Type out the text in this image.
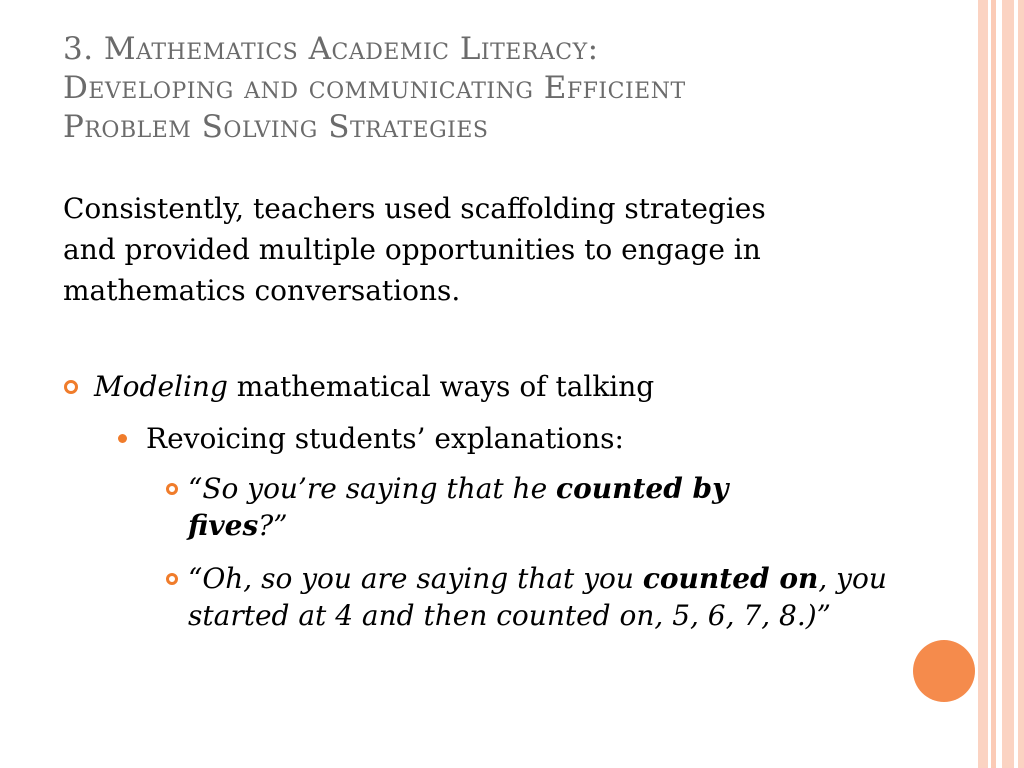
3. Mathematics Academic Literacy:
Developing and communicating Efficient
Problem Solving Strategies
Consistently, teachers used scaffolding strategies
and provided multiple opportunities to engage in
mathematics conversations.
Modeling mathematical ways of talking
Revoicing students’ explanations:
“So you’re saying that he counted by fives?”
“Oh, so you are saying that you counted on, you started at 4 and then counted on, 5, 6, 7, 8.)”
